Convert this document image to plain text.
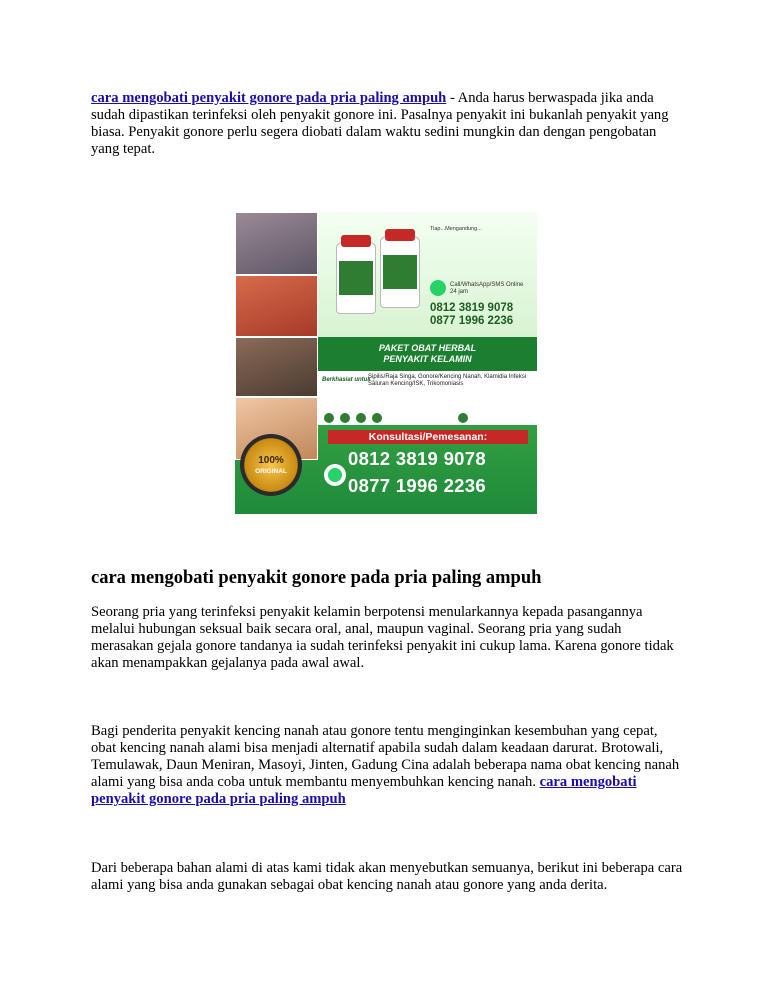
cara mengobati penyakit gonore pada pria paling ampuh - Anda harus berwaspada jika anda sudah dipastikan terinfeksi oleh penyakit gonore ini. Pasalnya penyakit ini bukanlah penyakit yang biasa. Penyakit gonore perlu segera diobati dalam waktu sedini mungkin dan dengan pengobatan yang tepat.

Tiap...Mengandung...
Call/WhatsApp/SMS Online 24 jam
0812 3819 9078
0877 1996 2236
PAKET OBAT HERBAL
PENYAKIT KELAMIN
Berkhasiat untuk :
Sipilis/Raja Singa, Gonore/Kencing Nanah, Klamidia Infeksi Saluran Kencing/ISK, Trikomoniasis
Konsultasi/Pemesanan:
0812 3819 9078
0877 1996 2236
100%
ORIGINAL
cara mengobati penyakit gonore pada pria paling ampuh

Seorang pria yang terinfeksi penyakit kelamin berpotensi menularkannya kepada pasangannya melalui hubungan seksual baik secara oral, anal, maupun vaginal. Seorang pria yang sudah merasakan gejala gonore tandanya ia sudah terinfeksi penyakit ini cukup lama. Karena gonore tidak akan menampakkan gejalanya pada awal awal.

Bagi penderita penyakit kencing nanah atau gonore tentu menginginkan kesembuhan yang cepat, obat kencing nanah alami bisa menjadi alternatif apabila sudah dalam keadaan darurat. Brotowali, Temulawak, Daun Meniran, Masoyi, Jinten, Gadung Cina adalah beberapa nama obat kencing nanah alami yang bisa anda coba untuk membantu menyembuhkan kencing nanah. cara mengobati penyakit gonore pada pria paling ampuh

Dari beberapa bahan alami di atas kami tidak akan menyebutkan semuanya, berikut ini beberapa cara alami yang bisa anda gunakan sebagai obat kencing nanah atau gonore yang anda derita.
